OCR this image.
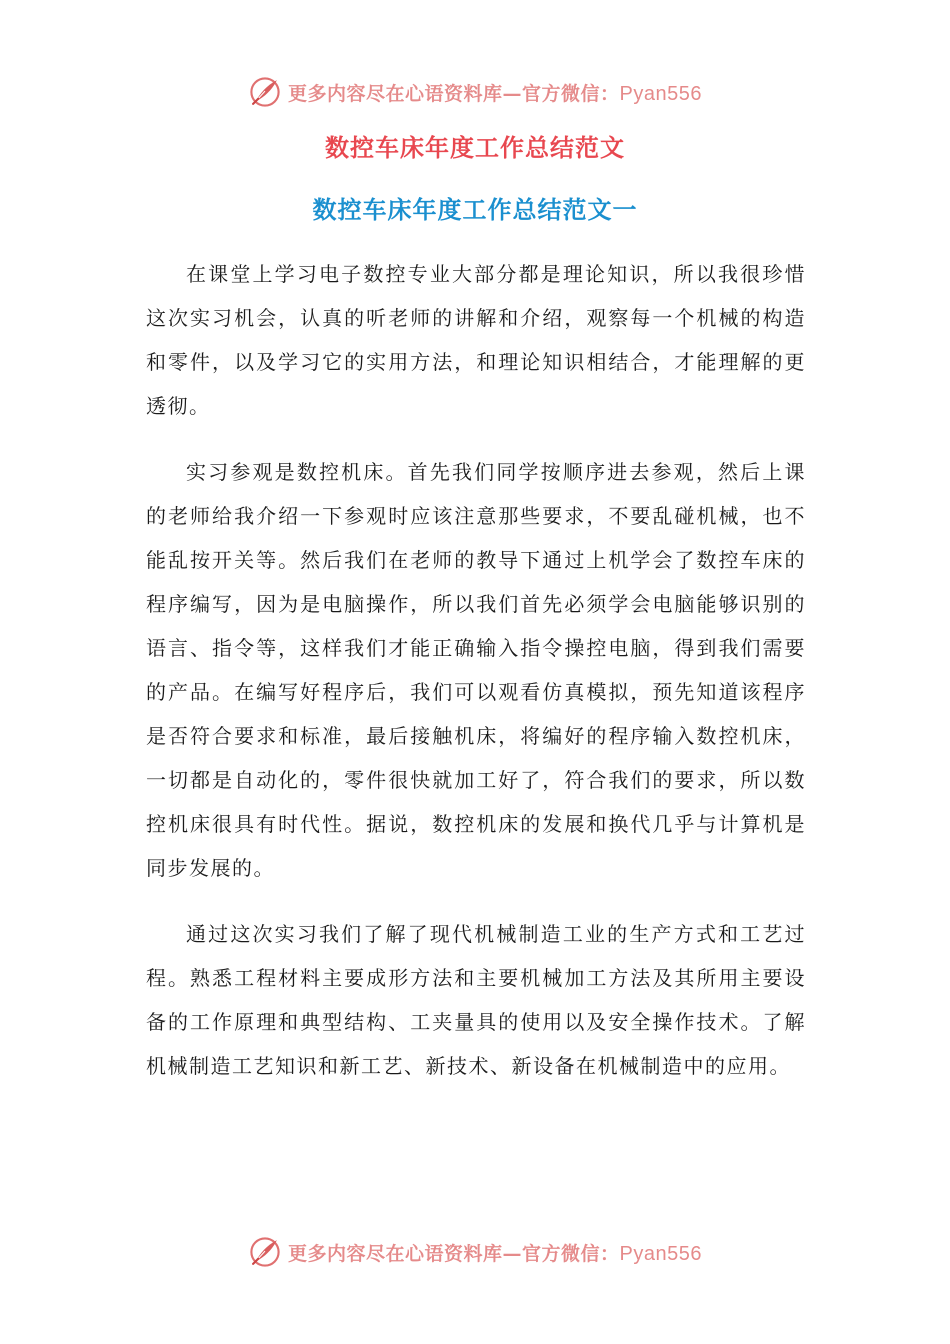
更多内容尽在心语资料库—官方微信：Pyan556
数控车床年度工作总结范文
数控车床年度工作总结范文一

在课堂上学习电子数控专业大部分都是理论知识，所以我很珍惜这次实习机会，认真的听老师的讲解和介绍，观察每一个机械的构造和零件，以及学习它的实用方法，和理论知识相结合，才能理解的更透彻。

实习参观是数控机床。首先我们同学按顺序进去参观，然后上课的老师给我介绍一下参观时应该注意那些要求，不要乱碰机械，也不能乱按开关等。然后我们在老师的教导下通过上机学会了数控车床的程序编写，因为是电脑操作，所以我们首先必须学会电脑能够识别的语言、指令等，这样我们才能正确输入指令操控电脑，得到我们需要的产品。在编写好程序后，我们可以观看仿真模拟，预先知道该程序是否符合要求和标准，最后接触机床，将编好的程序输入数控机床， 一切都是自动化的，零件很快就加工好了，符合我们的要求，所以数控机床很具有时代性。据说，数控机床的发展和换代几乎与计算机是同步发展的。

通过这次实习我们了解了现代机械制造工业的生产方式和工艺过程。熟悉工程材料主要成形方法和主要机械加工方法及其所用主要设备的工作原理和典型结构、工夹量具的使用以及安全操作技术。了解机械制造工艺知识和新工艺、新技术、新设备在机械制造中的应用。

更多内容尽在心语资料库—官方微信：Pyan556
